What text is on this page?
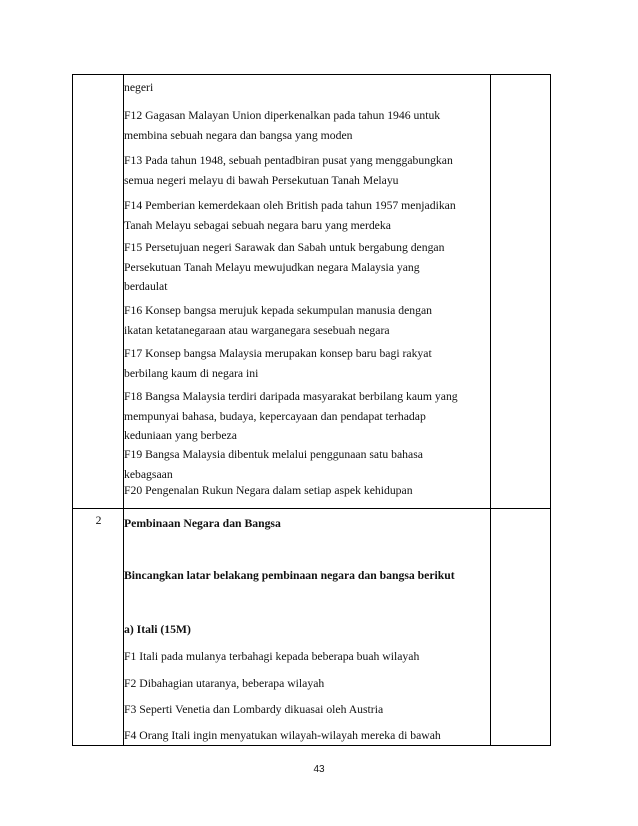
negeri
F12 Gagasan Malayan Union diperkenalkan pada tahun 1946 untuk
membina sebuah negara dan bangsa yang moden
F13 Pada tahun 1948, sebuah pentadbiran pusat yang menggabungkan
semua negeri melayu di bawah Persekutuan Tanah Melayu
F14 Pemberian kemerdekaan oleh British pada tahun 1957 menjadikan
Tanah Melayu sebagai sebuah negara baru yang merdeka
F15 Persetujuan negeri Sarawak dan Sabah untuk bergabung dengan
Persekutuan Tanah Melayu mewujudkan negara Malaysia yang
berdaulat
F16 Konsep bangsa merujuk kepada sekumpulan manusia dengan
ikatan ketatanegaraan atau warganegara sesebuah negara
F17 Konsep bangsa Malaysia merupakan konsep baru bagi rakyat
berbilang kaum di negara ini
F18 Bangsa Malaysia terdiri daripada masyarakat berbilang kaum yang
mempunyai bahasa, budaya, kepercayaan dan pendapat terhadap
keduniaan yang berbeza
F19 Bangsa Malaysia dibentuk melalui penggunaan satu bahasa
kebagsaan
F20 Pengenalan Rukun Negara dalam setiap aspek kehidupan
2	Pembinaan Negara dan Bangsa
Bincangkan latar belakang pembinaan negara dan bangsa berikut
a) Itali (15M)
F1 Itali pada mulanya terbahagi kepada beberapa buah wilayah
F2 Dibahagian utaranya, beberapa wilayah
F3 Seperti Venetia dan Lombardy dikuasai oleh Austria
F4 Orang Itali ingin menyatukan wilayah-wilayah mereka di bawah
43
